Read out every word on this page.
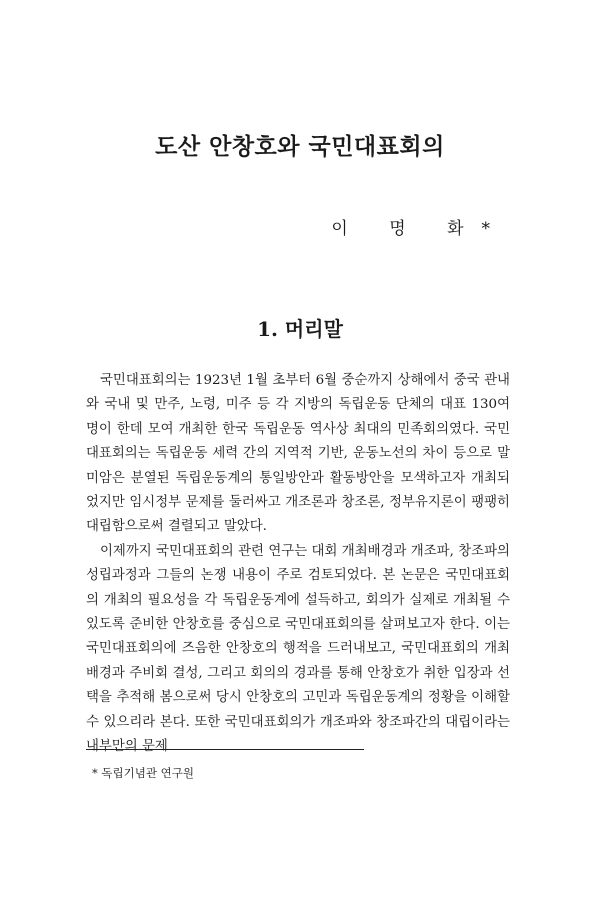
도산 안창호와 국민대표회의

이 명 화*

1. 머리말

국민대표회의는 1923년 1월 초부터 6월 중순까지 상해에서 중국 관내와 국내 및 만주, 노령, 미주 등 각 지방의 독립운동 단체의 대표 130여 명이 한데 모여 개최한 한국 독립운동 역사상 최대의 민족회의였다. 국민대표회의는 독립운동 세력 간의 지역적 기반, 운동노선의 차이 등으로 말미암은 분열된 독립운동계의 통일방안과 활동방안을 모색하고자 개최되었지만 임시정부 문제를 둘러싸고 개조론과 창조론, 정부유지론이 팽팽히 대립함으로써 결렬되고 말았다.

이제까지 국민대표회의 관련 연구는 대회 개최배경과 개조파, 창조파의 성립과정과 그들의 논쟁 내용이 주로 검토되었다. 본 논문은 국민대표회의 개최의 필요성을 각 독립운동계에 설득하고, 회의가 실제로 개최될 수 있도록 준비한 안창호를 중심으로 국민대표회의를 살펴보고자 한다. 이는 국민대표회의에 즈음한 안창호의 행적을 드러내보고, 국민대표회의 개최 배경과 주비회 결성, 그리고 회의의 경과를 통해 안창호가 취한 입장과 선택을 추적해 봄으로써 당시 안창호의 고민과 독립운동계의 정황을 이해할 수 있으리라 본다. 또한 국민대표회의가 개조파와 창조파간의 대립이라는 내부만의 문제

* 독립기념관 연구원
